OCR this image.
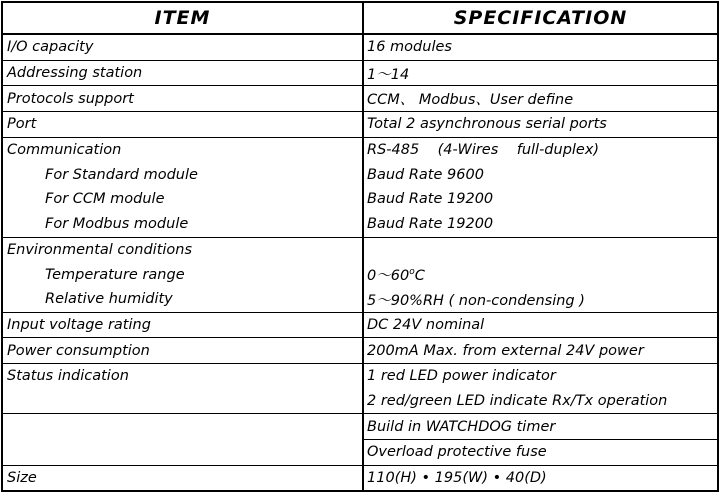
ITEM	SPECIFICATION
I/O capacity	16 modules
Addressing station	1～14
Protocols support	CCM、 Modbus、User define
Port	Total 2 asynchronous serial ports
Communication	RS-485    (4-Wires    full-duplex)
For Standard module	Baud Rate 9600
For CCM module	Baud Rate 19200
For Modbus module	Baud Rate 19200
Environmental conditions	
Temperature range	0～60$^o$C
Relative humidity	5～90%RH ( non-condensing )
Input voltage rating	DC 24V nominal
Power consumption	200mA Max. from external 24V power
Status indication	1 red LED power indicator
	2 red/green LED indicate Rx/Tx operation
	Build in WATCHDOG timer
	Overload protective fuse
Size	110(H) • 195(W) • 40(D)
